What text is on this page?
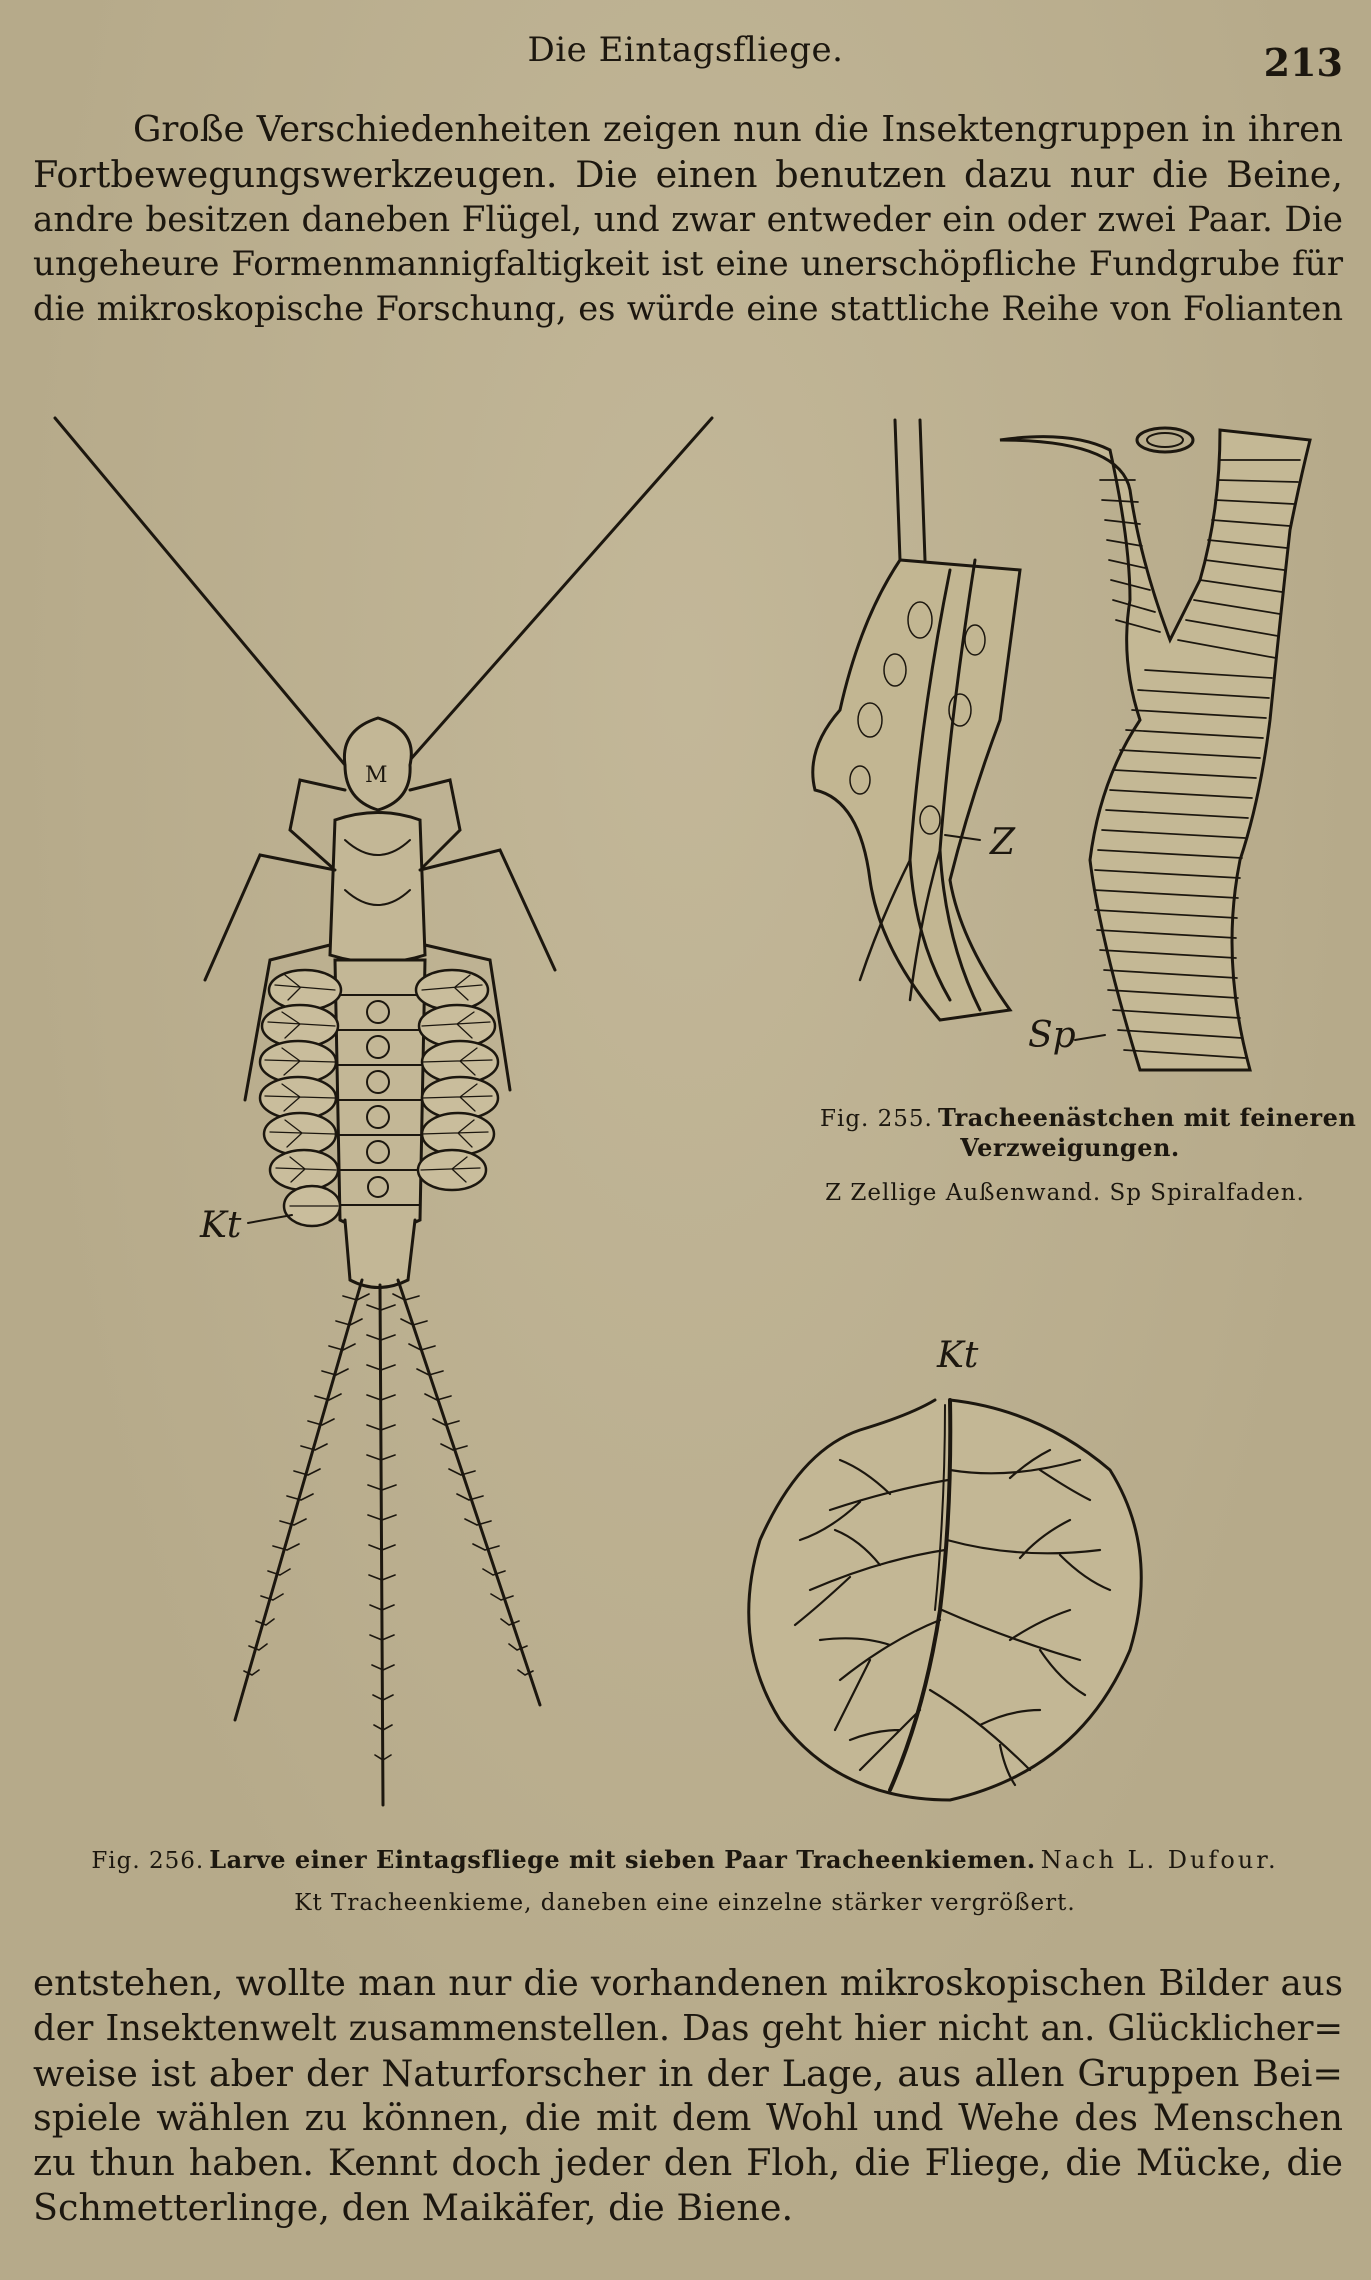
Die Eintagsfliege.	213
Große Verschiedenheiten zeigen nun die Insektengruppen in ihren
Fortbewegungswerkzeugen. Die einen benutzen dazu nur die Beine,
andre besitzen daneben Flügel, und zwar entweder ein oder zwei Paar. Die
ungeheure Formenmannigfaltigkeit ist eine unerschöpfliche Fundgrube für
die mikroskopische Forschung, es würde eine stattliche Reihe von Folianten
M
Kt
Z
Sp
Fig. 255. Tracheenästchen mit feineren
Verzweigungen.
Z Zellige Außenwand. Sp Spiralfaden.
Kt
Fig. 256. Larve einer Eintagsfliege mit sieben Paar Tracheenkiemen. Nach L. Dufour.
Kt Tracheenkieme, daneben eine einzelne stärker vergrößert.
entstehen, wollte man nur die vorhandenen mikroskopischen Bilder aus
der Insektenwelt zusammenstellen. Das geht hier nicht an. Glücklicher=
weise ist aber der Naturforscher in der Lage, aus allen Gruppen Bei=
spiele wählen zu können, die mit dem Wohl und Wehe des Menschen
zu thun haben. Kennt doch jeder den Floh, die Fliege, die Mücke, die
Schmetterlinge, den Maikäfer, die Biene.
